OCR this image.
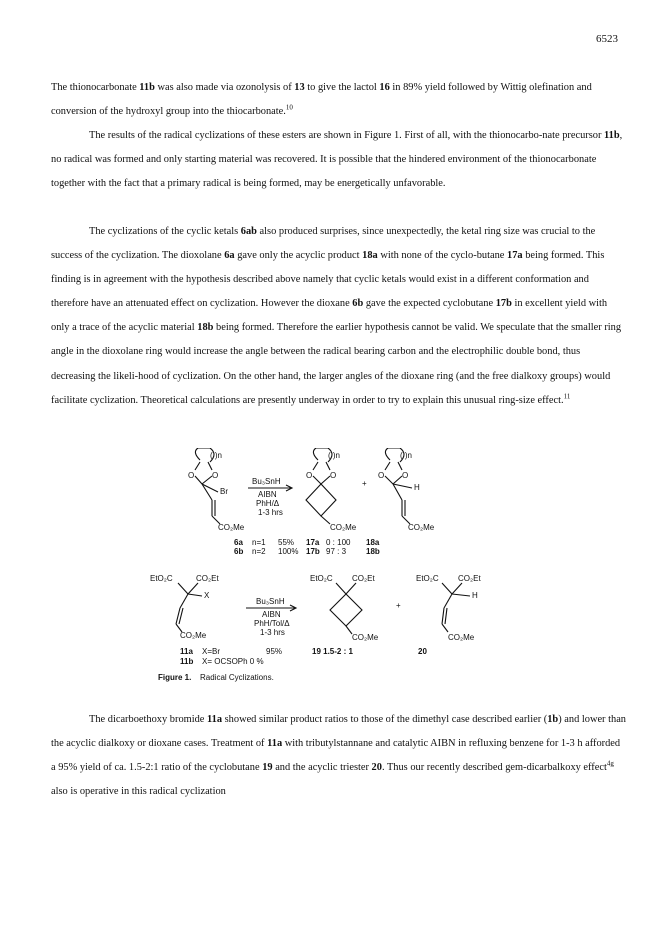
6523

The thionocarbonate 11b was also made via ozonolysis of 13 to give the lactol 16 in 89% yield followed by Wittig olefination and conversion of the hydroxyl group into the thiocarbonate.$^{10}$

The results of the radical cyclizations of these esters are shown in Figure 1. First of all, with the thionocarbo-nate precursor 11b, no radical was formed and only starting material was recovered. It is possible that the hindered environment of the thionocarbonate together with the fact that a primary radical is being formed, may be energetically unfavorable.

The cyclizations of the cyclic ketals 6ab also produced surprises, since unexpectedly, the ketal ring size was crucial to the success of the cyclization. The dioxolane 6a gave only the acyclic product 18a with none of the cyclo-butane 17a being formed. This finding is in agreement with the hypothesis described above namely that cyclic ketals would exist in a different conformation and therefore have an attenuated effect on cyclization. However the dioxane 6b gave the expected cyclobutane 17b in excellent yield with only a trace of the acyclic material 18b being formed. Therefore the earlier hypothesis cannot be valid. We speculate that the smaller ring angle in the dioxolane ring would increase the angle between the radical bearing carbon and the electrophilic double bond, thus decreasing the likeli-hood of cyclization. On the other hand, the larger angles of the dioxane ring (and the free dialkoxy groups) would facilitate cyclization. Theoretical calculations are presently underway in order to try to explain this unusual ring-size effect.$^{11}$

( )n
O O
Br
CO₂Me
Bu₃SnH
AIBN
PhH/Δ
1-3 hrs
( )n
O O
CO₂Me
+
( )n
O O
H
CO₂Me
6a n=1 55% 17a 0 : 100 18a
6b n=2 100% 17b 97 : 3 18b
EtO₂C	CO₂Et
X
CO₂Me
Bu₃SnH
AIBN
PhH/Tol/Δ
1-3 hrs
EtO₂C CO₂Et
CO₂Me
+
EtO₂C CO₂Et
H
CO₂Me
11a X=Br	95%	19 1.5-2 : 1	20
11b X= OCSOPh 0 %
Figure 1. Radical Cyclizations.

The dicarboethoxy bromide 11a showed similar product ratios to those of the dimethyl case described earlier (1b) and lower than the acyclic dialkoxy or dioxane cases. Treatment of 11a with tributylstannane and catalytic AIBN in refluxing benzene for 1-3 h afforded a 95% yield of ca. 1.5-2:1 ratio of the cyclobutane 19 and the acyclic triester 20. Thus our recently described gem-dicarbalkoxy effect$^{4g}$ also is operative in this radical cyclization
